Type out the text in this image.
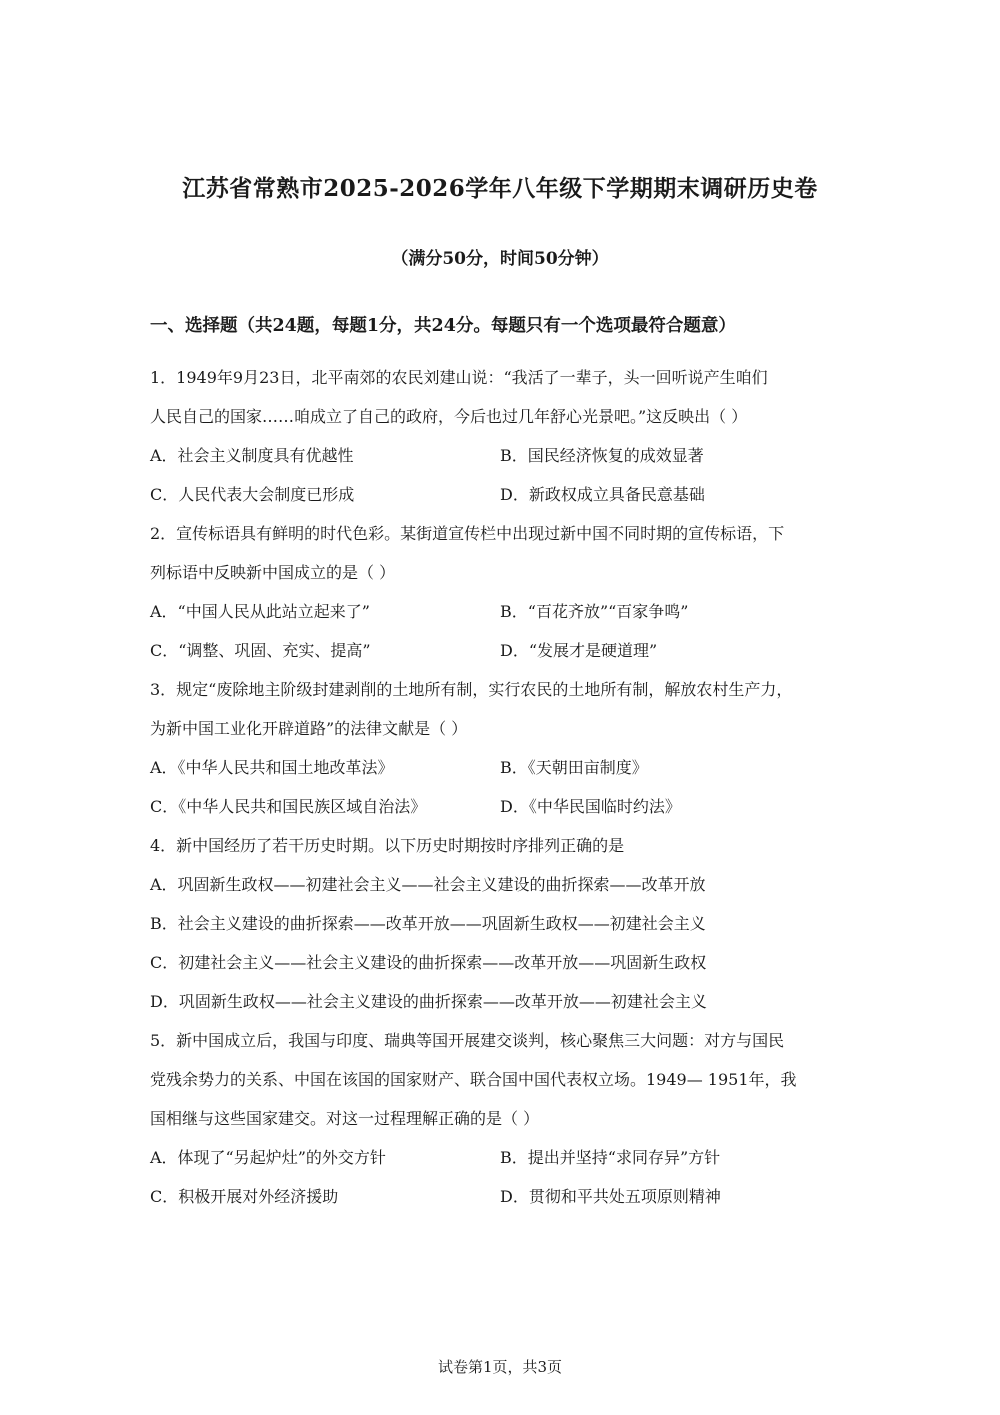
江苏省常熟市2025-2026学年八年级下学期期末调研历史卷
（满分50分，时间50分钟）
一、选择题（共24题，每题1分，共24分。每题只有一个选项最符合题意）
1．1949年9月23日，北平南郊的农民刘建山说：“我活了一辈子，头一回听说产生咱们
人民自己的国家……咱成立了自己的政府，今后也过几年舒心光景吧。”这反映出（ ）
A．社会主义制度具有优越性	B．国民经济恢复的成效显著
C．人民代表大会制度已形成	D．新政权成立具备民意基础
2．宣传标语具有鲜明的时代色彩。某街道宣传栏中出现过新中国不同时期的宣传标语，下
列标语中反映新中国成立的是（ ）
A．“中国人民从此站立起来了”	B．“百花齐放”“百家争鸣”
C．“调整、巩固、充实、提高”	D．“发展才是硬道理”
3．规定“废除地主阶级封建剥削的土地所有制，实行农民的土地所有制，解放农村生产力，
为新中国工业化开辟道路”的法律文献是（ ）
A．《中华人民共和国土地改革法》	B．《天朝田亩制度》
C．《中华人民共和国民族区域自治法》	D．《中华民国临时约法》
4．新中国经历了若干历史时期。以下历史时期按时序排列正确的是
A．巩固新生政权——初建社会主义——社会主义建设的曲折探索——改革开放
B．社会主义建设的曲折探索——改革开放——巩固新生政权——初建社会主义
C．初建社会主义——社会主义建设的曲折探索——改革开放——巩固新生政权
D．巩固新生政权——社会主义建设的曲折探索——改革开放——初建社会主义
5．新中国成立后，我国与印度、瑞典等国开展建交谈判，核心聚焦三大问题：对方与国民
党残余势力的关系、中国在该国的国家财产、联合国中国代表权立场。1949— 1951年，我
国相继与这些国家建交。对这一过程理解正确的是（ ）
A．体现了“另起炉灶”的外交方针	B．提出并坚持“求同存异”方针
C．积极开展对外经济援助	D．贯彻和平共处五项原则精神
试卷第1页，共3页
